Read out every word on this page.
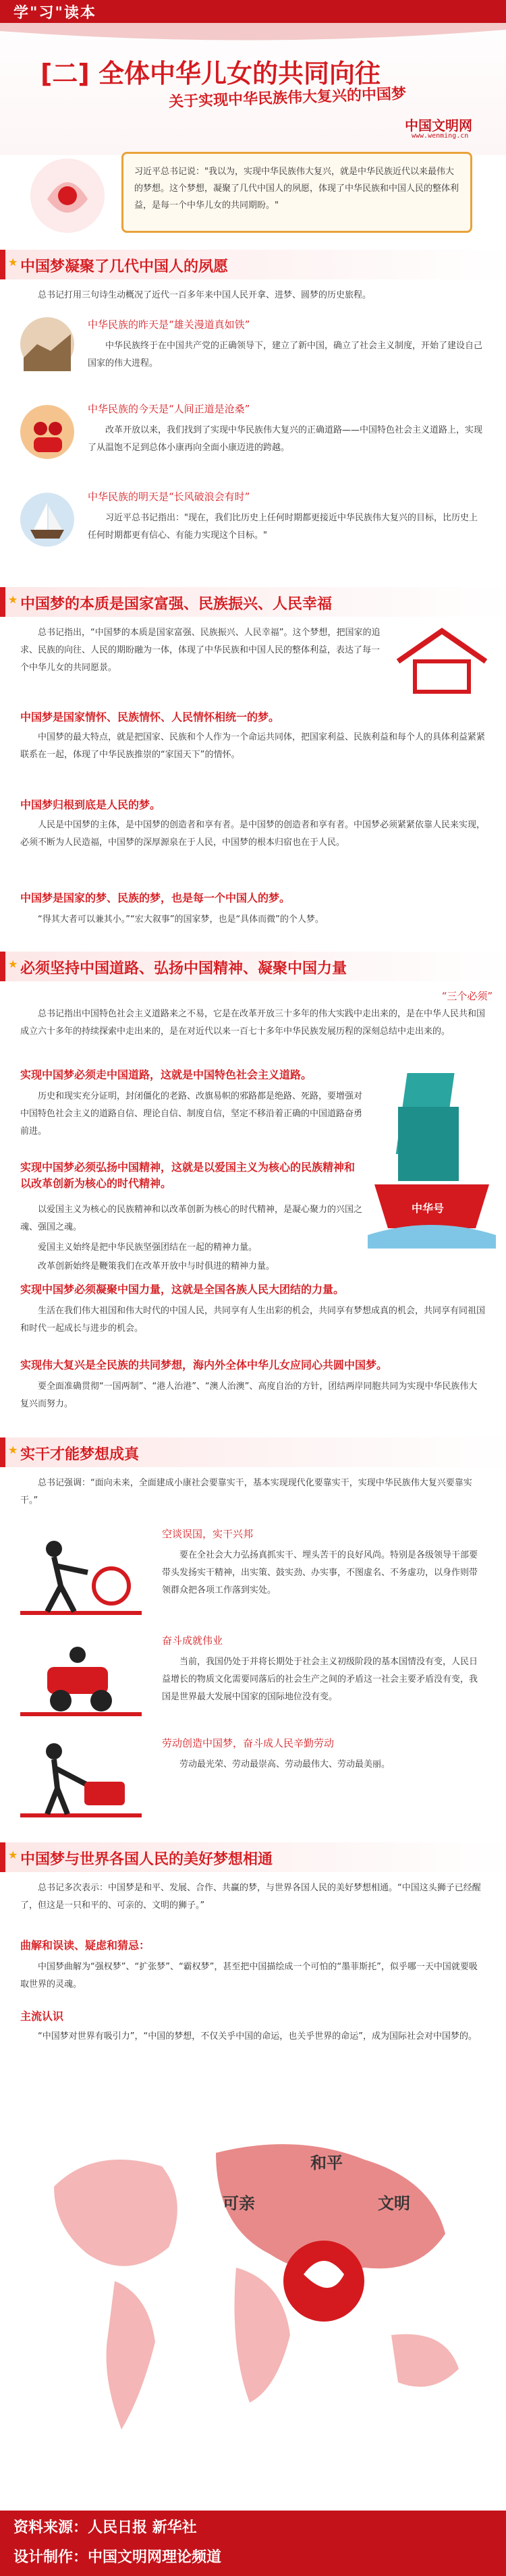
学"习"读本
[二] 全体中华儿女的共同向往
关于实现中华民族伟大复兴的中国梦
中国文明网
www.wenming.cn
习近平总书记说："我以为，实现中华民族伟大复兴，就是中华民族近代以来最伟大的梦想。这个梦想，凝聚了几代中国人的夙愿，体现了中华民族和中国人民的整体利益，是每一个中华儿女的共同期盼。"
★ 中国梦凝聚了几代中国人的夙愿
总书记打用三句诗生动概况了近代一百多年来中国人民开拿、进梦、圆梦的历史旅程。
中华民族的昨天是“雄关漫道真如铁”
中华民族终于在中国共产党的正确领导下，建立了新中国，确立了社会主义制度，开始了建设自己国家的伟大进程。
中华民族的今天是“人间正道是沧桑”
改革开放以来，我们找到了实现中华民族伟大复兴的正确道路——中国特色社会主义道路上，实现了从温饱不足到总体小康再向全面小康迈进的跨越。
中华民族的明天是“长风破浪会有时”
习近平总书记指出："现在，我们比历史上任何时期都更接近中华民族伟大复兴的目标，比历史上任何时期都更有信心、有能力实现这个目标。"
★ 中国梦的本质是国家富强、民族振兴、人民幸福
总书记指出，“中国梦的本质是国家富强、民族振兴、人民幸福”。这个梦想，把国家的追求、民族的向往、人民的期盼融为一体，体现了中华民族和中国人民的整体利益，表达了每一个中华儿女的共同愿景。
中国梦是国家情怀、民族情怀、人民情怀相统一的梦。
中国梦的最大特点，就是把国家、民族和个人作为一个命运共同体，把国家利益、民族利益和每个人的具体利益紧紧联系在一起，体现了中华民族推崇的“家国天下”的情怀。
中国梦归根到底是人民的梦。
人民是中国梦的主体，是中国梦的创造者和享有者。是中国梦的创造者和享有者。中国梦必须紧紧依靠人民来实现，必须不断为人民造福，中国梦的深厚源泉在于人民，中国梦的根本归宿也在于人民。
中国梦是国家的梦、民族的梦，也是每一个中国人的梦。
“得其大者可以兼其小。”“宏大叙事”的国家梦，也是“具体而微”的个人梦。
★ 必须坚持中国道路、弘扬中国精神、凝聚中国力量
“三个必须”
总书记指出中国特色社会主义道路来之不易，它是在改革开放三十多年的伟大实践中走出来的，是在中华人民共和国成立六十多年的持续探索中走出来的，是在对近代以来一百七十多年中华民族发展历程的深刻总结中走出来的。
中华号
实现中国梦必须走中国道路，这就是中国特色社会主义道路。
历史和现实充分证明，封闭僵化的老路、改旗易帜的邪路都是绝路、死路，要增强对中国特色社会主义的道路自信、理论自信、制度自信，坚定不移沿着正确的中国道路奋勇前进。
实现中国梦必须弘扬中国精神，这就是以爱国主义为核心的民族精神和以改革创新为核心的时代精神。
以爱国主义为核心的民族精神和以改革创新为核心的时代精神，是凝心聚力的兴国之魂、强国之魂。
爱国主义始终是把中华民族坚强团结在一起的精神力量。
改革创新始终是鞭策我们在改革开放中与时俱进的精神力量。
实现中国梦必须凝聚中国力量，这就是全国各族人民大团结的力量。
生活在我们伟大祖国和伟大时代的中国人民，共同享有人生出彩的机会，共同享有梦想成真的机会，共同享有同祖国和时代一起成长与进步的机会。
实现伟大复兴是全民族的共同梦想，海内外全体中华儿女应同心共圆中国梦。
要全面准确贯彻“一国两制”、“港人治港”、“澳人治澳”、高度自治的方针，团结两岸同胞共同为实现中华民族伟大复兴而努力。
★ 实干才能梦想成真
总书记强调：“面向未来，全面建成小康社会要靠实干，基本实现现代化要靠实干，实现中华民族伟大复兴要靠实干。”
空谈误国，实干兴邦
要在全社会大力弘扬真抓实干、埋头苦干的良好风尚。特别是各级领导干部要带头发扬实干精神，出实策、鼓实劲、办实事，不图虚名、不务虚功，以身作则带领群众把各项工作落到实处。
奋斗成就伟业
当前，我国仍处于并将长期处于社会主义初级阶段的基本国情没有变，人民日益增长的物质文化需要同落后的社会生产之间的矛盾这一社会主要矛盾没有变，我国是世界最大发展中国家的国际地位没有变。
劳动创造中国梦，奋斗成人民辛勤劳动
劳动最光荣、劳动最崇高、劳动最伟大、劳动最美丽。
★ 中国梦与世界各国人民的美好梦想相通
总书记多次表示：中国梦是和平、发展、合作、共赢的梦，与世界各国人民的美好梦想相通。“中国这头狮子已经醒了，但这是一只和平的、可亲的、文明的狮子。”
曲解和误读、疑虑和猜忌：
中国梦曲解为“强权梦”、“扩张梦”、“霸权梦”，甚至把中国描绘成一个可怕的“墨菲斯托”，似乎哪一天中国就要吸取世界的灵魂。
主流认识
“中国梦对世界有吸引力”，“中国的梦想，不仅关乎中国的命运，也关乎世界的命运”，成为国际社会对中国梦的。
和平
可亲	文明
资料来源：人民日报 新华社
设计制作：中国文明网理论频道
